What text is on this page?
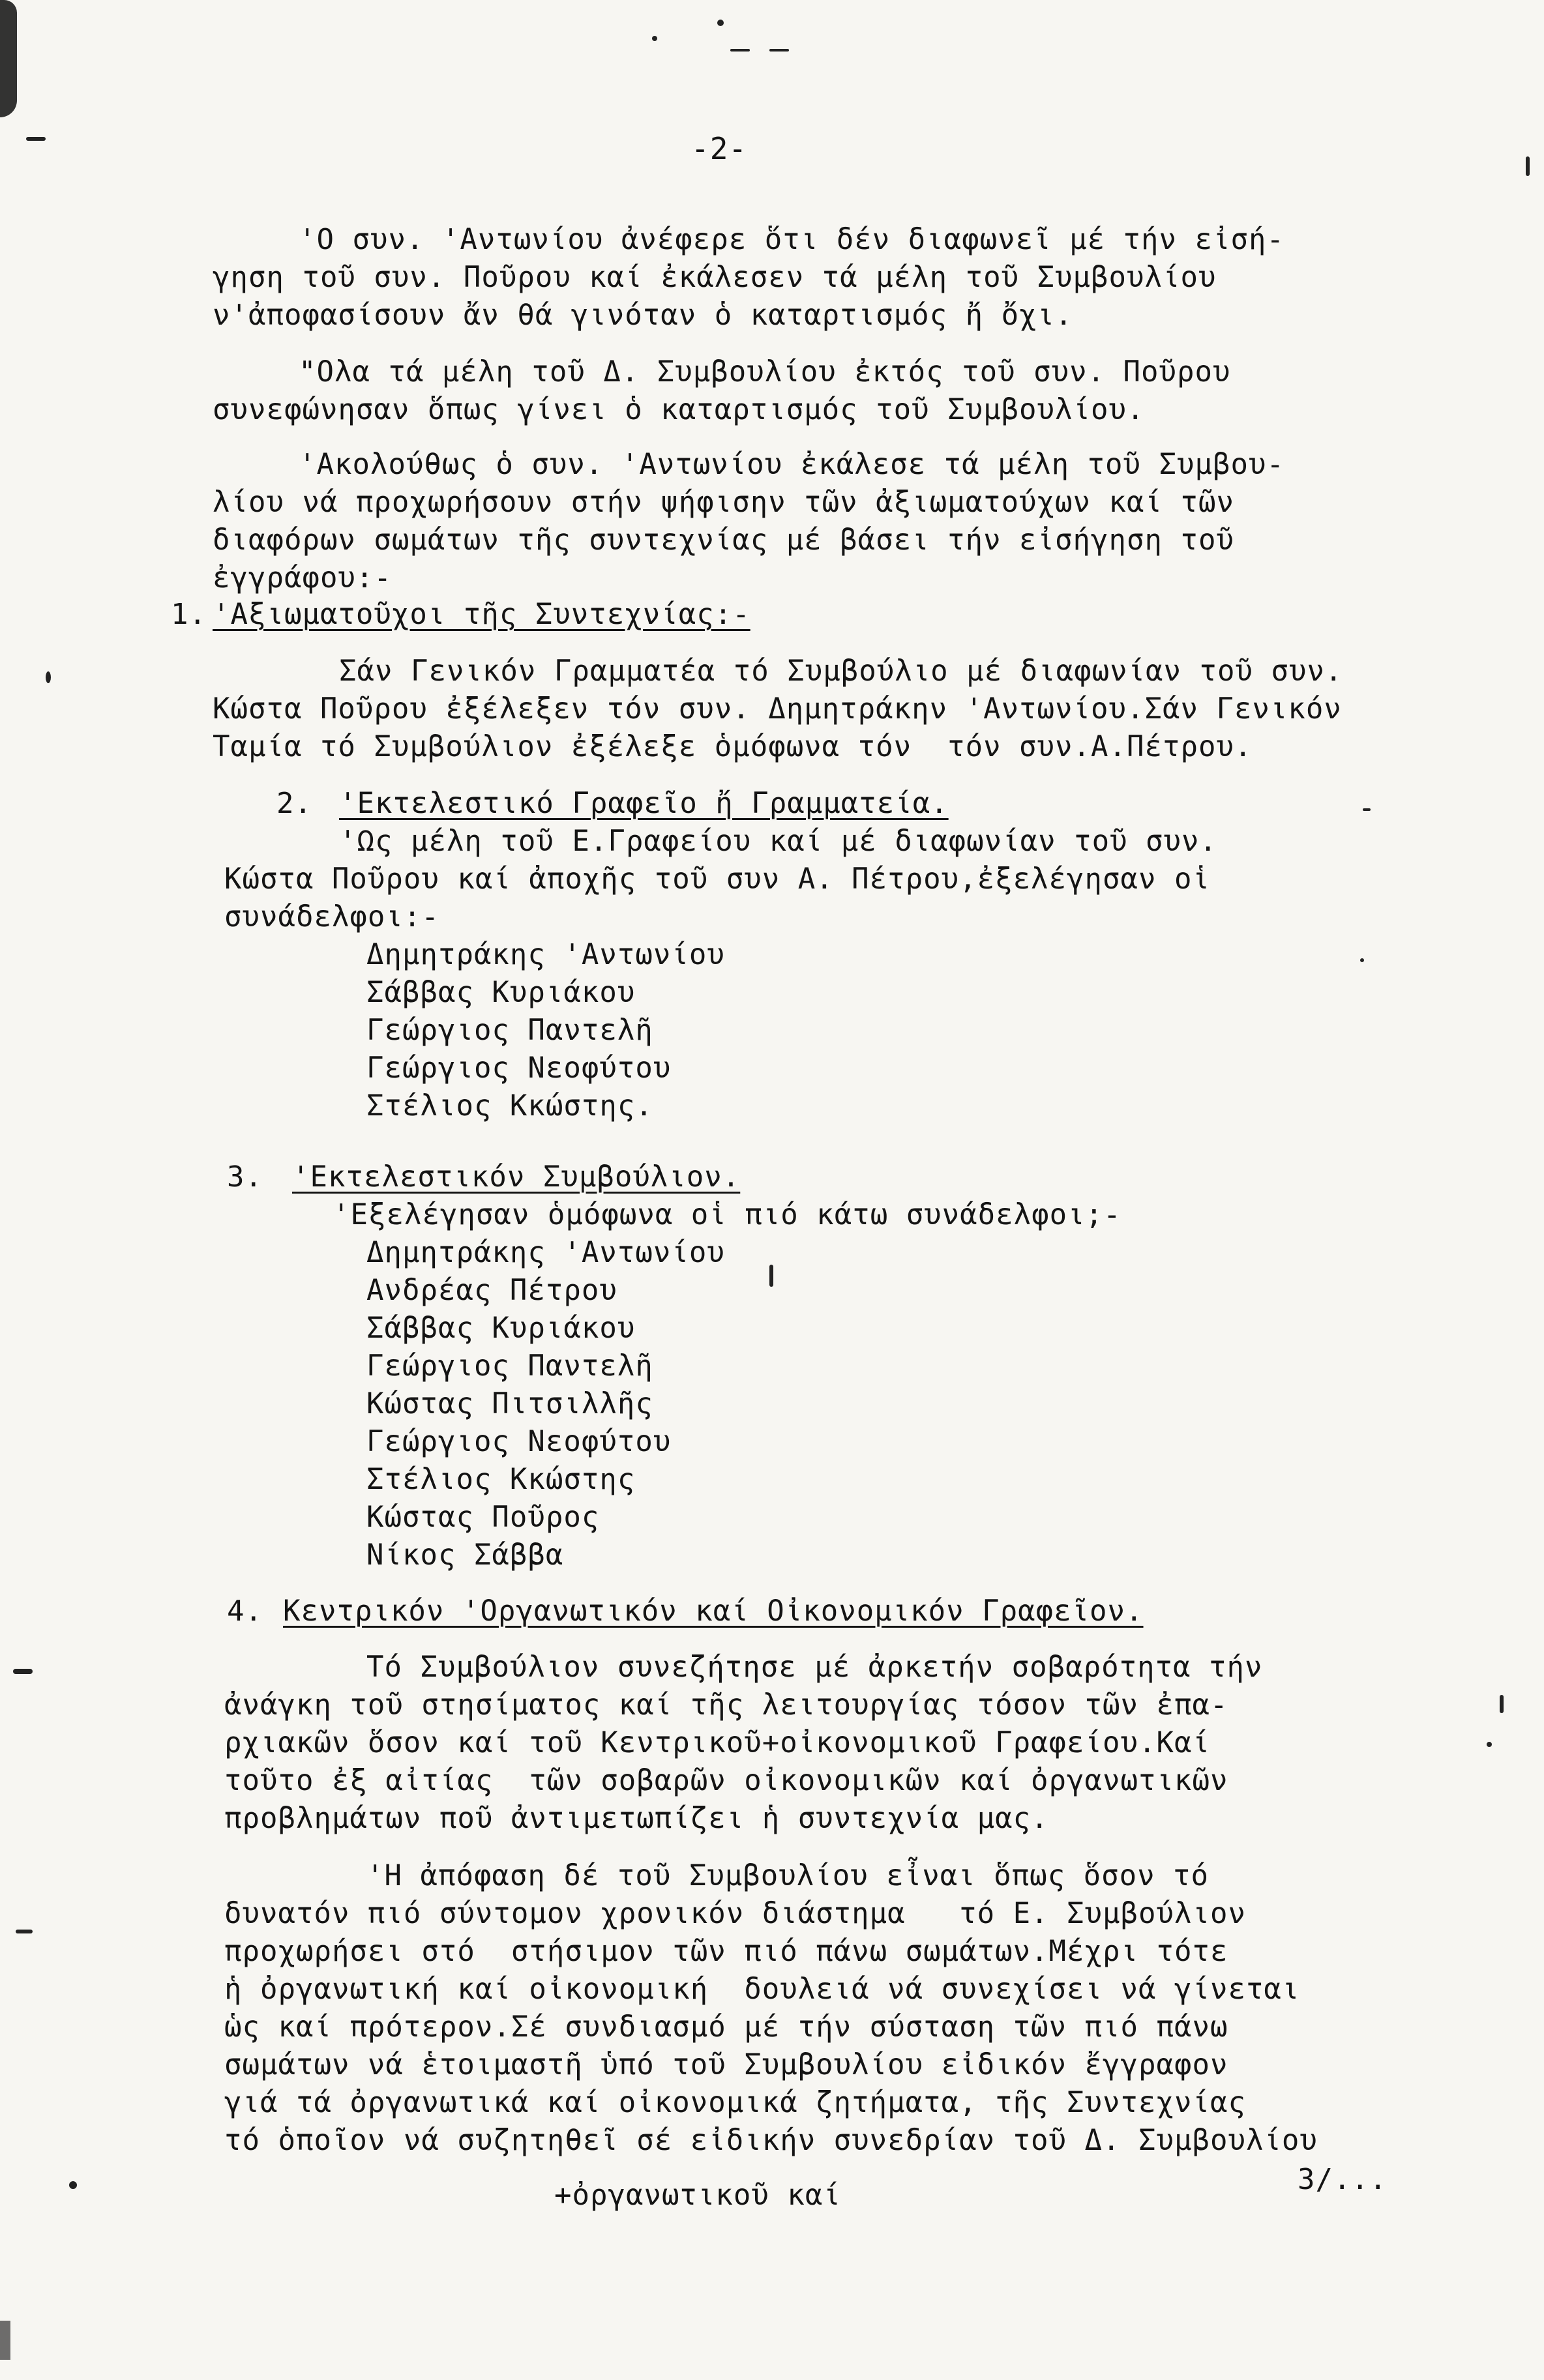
-2-
'O συν. 'Αντωνίου ἀνέφερε ὅτι δέν διαφωνεῖ μέ τήν εἰσή-
γηση τοῦ συν. Ποῦρου καί ἐκάλεσεν τά μέλη τοῦ Συμβουλίου
ν'ἀποφασίσουν ἄν θά γινόταν ὁ καταρτισμός ἤ ὄχι.
"Ολα τά μέλη τοῦ Δ. Συμβουλίου ἐκτός τοῦ συν. Ποῦρου
συνεφώνησαν ὅπως γίνει ὁ καταρτισμός τοῦ Συμβουλίου.
'Ακολούθως ὁ συν. 'Αντωνίου ἐκάλεσε τά μέλη τοῦ Συμβου-
λίου νά προχωρήσουν στήν ψήφισην τῶν ἀξιωματούχων καί τῶν
διαφόρων σωμάτων τῆς συντεχνίας μέ βάσει τήν εἰσήγηση τοῦ
ἐγγράφου:-
1. 'Αξιωματοῦχοι τῆς Συντεχνίας:-
Σάν Γενικόν Γραμματέα τό Συμβούλιο μέ διαφωνίαν τοῦ συν.
Κώστα Ποῦρου ἐξέλεξεν τόν συν. Δημητράκην 'Αντωνίου.Σάν Γενικόν
Ταμία τό Συμβούλιον ἐξέλεξε ὁμόφωνα τόν  τόν συν.Α.Πέτρου.
2. 'Εκτελεστικό Γραφεῖο ἤ Γραμματεία.
'Ως μέλη τοῦ Ε.Γραφείου καί μέ διαφωνίαν τοῦ συν.
Κώστα Ποῦρου καί ἀποχῆς τοῦ συν Α. Πέτρου,ἐξελέγησαν οἱ
συνάδελφοι:-
Δημητράκης 'Αντωνίου
Σάββας Κυριάκου
Γεώργιος Παντελῆ
Γεώργιος Νεοφύτου
Στέλιος Κκώστης.
3. 'Εκτελεστικόν Συμβούλιον.
'Εξελέγησαν ὁμόφωνα οἱ πιό κάτω συνάδελφοι;-
Δημητράκης 'Αντωνίου
Ανδρέας Πέτρου
Σάββας Κυριάκου
Γεώργιος Παντελῆ
Κώστας Πιτσιλλῆς
Γεώργιος Νεοφύτου
Στέλιος Κκώστης
Κώστας Ποῦρος
Νίκος Σάββα
4. Κεντρικόν 'Οργανωτικόν καί Οἰκονομικόν Γραφεῖον.
Τό Συμβούλιον συνεζήτησε μέ ἀρκετήν σοβαρότητα τήν
ἀνάγκη τοῦ στησίματος καί τῆς λειτουργίας τόσον τῶν ἐπα-
ρχιακῶν ὅσον καί τοῦ Κεντρικοῦ+οἰκονομικοῦ Γραφείου.Καί
τοῦτο ἐξ αἰτίας  τῶν σοβαρῶν οἰκονομικῶν καί ὀργανωτικῶν
προβλημάτων ποῦ ἀντιμετωπίζει ἡ συντεχνία μας.
'Η ἀπόφαση δέ τοῦ Συμβουλίου εἶναι ὅπως ὅσον τό
δυνατόν πιό σύντομον χρονικόν διάστημα   τό Ε. Συμβούλιον
προχωρήσει στό  στήσιμον τῶν πιό πάνω σωμάτων.Μέχρι τότε
ἡ ὀργανωτική καί οἰκονομική  δουλειά νά συνεχίσει νά γίνεται
ὡς καί πρότερον.Σέ συνδιασμό μέ τήν σύσταση τῶν πιό πάνω
σωμάτων νά ἑτοιμαστῆ ὑπό τοῦ Συμβουλίου εἰδικόν ἔγγραφον
γιά τά ὀργανωτικά καί οἰκονομικά ζητήματα, τῆς Συντεχνίας
τό ὁποῖον νά συζητηθεῖ σέ εἰδικήν συνεδρίαν τοῦ Δ. Συμβουλίου
+ὀργανωτικοῦ καί	3/...
